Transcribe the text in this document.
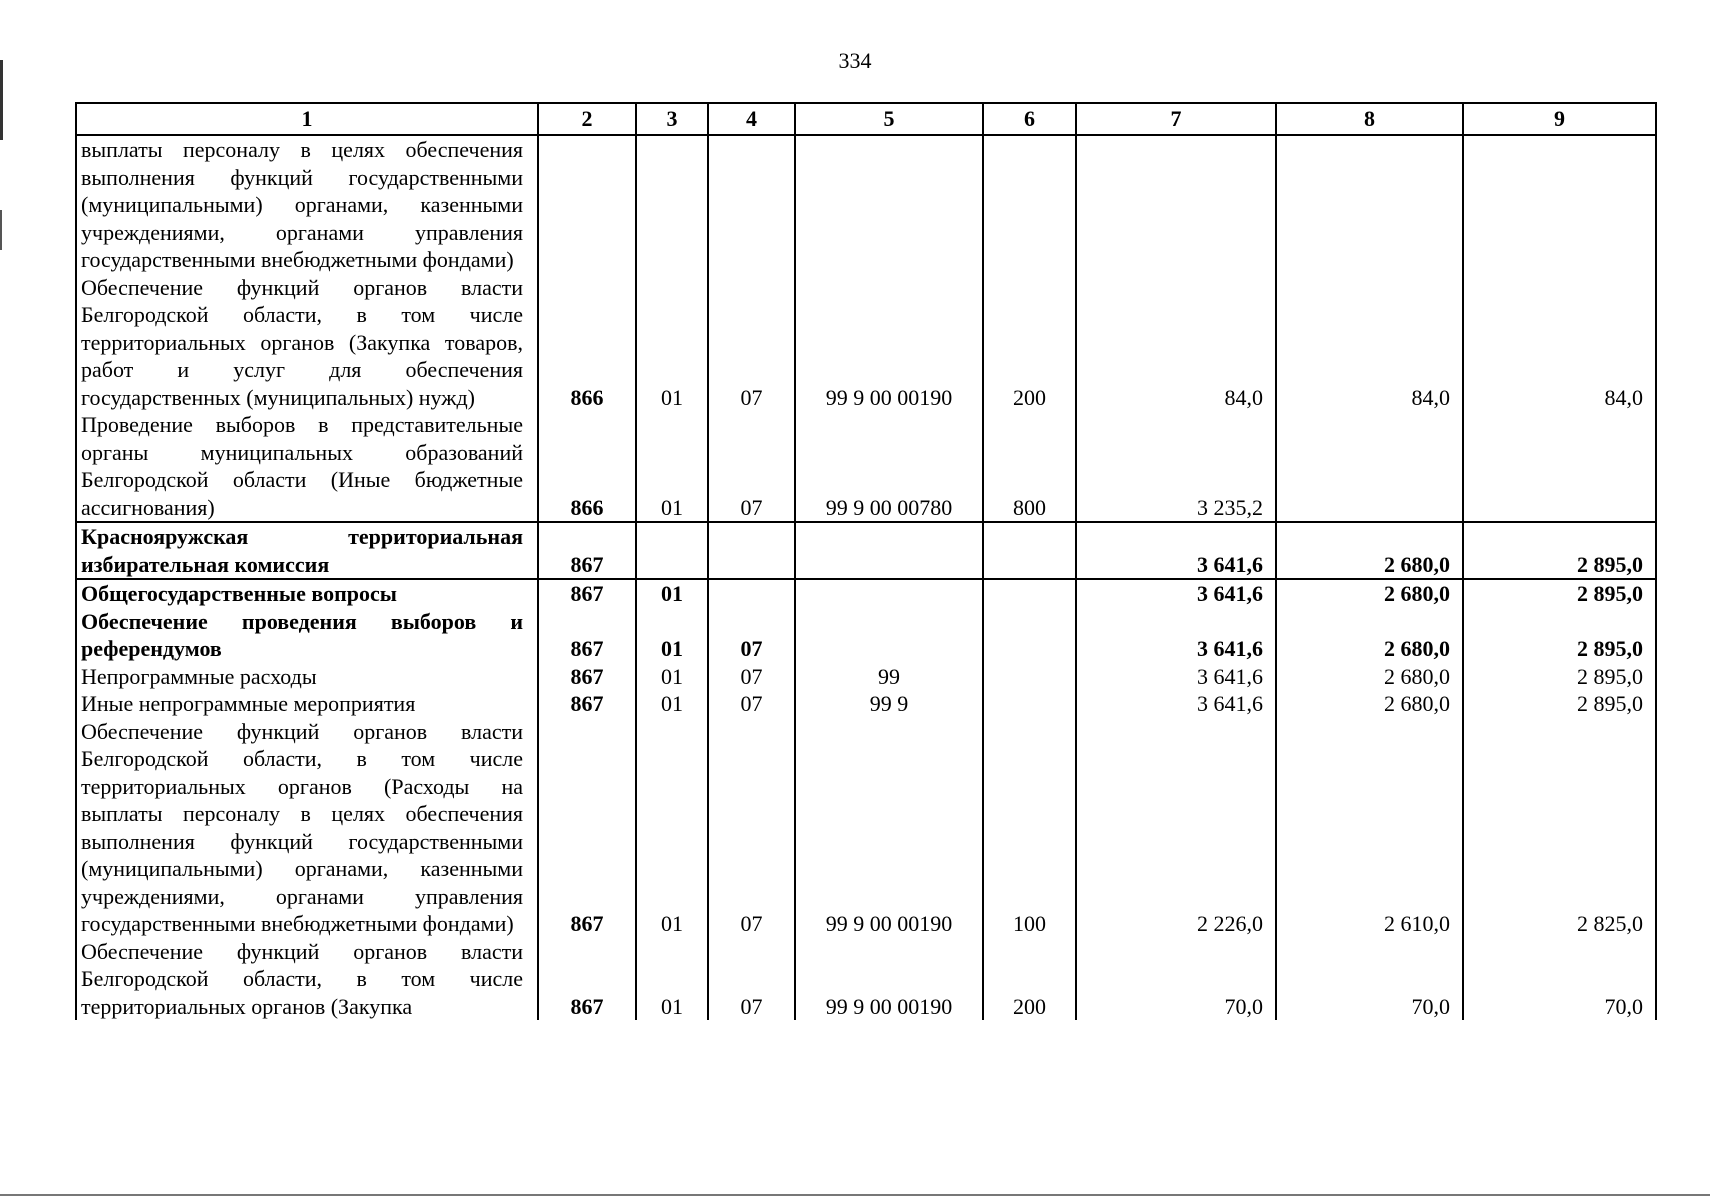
334
1	2	3	4	5	6	7	8	9
выплаты персоналу в целях обеспечения выполнения функций государственными (муниципальными) органами, казенными учреждениями, органами управления государственными внебюджетными фондами)								
Обеспечение функций органов власти Белгородской области, в том числе территориальных органов (Закупка товаров, работ и услуг для обеспечения государственных (муниципальных) нужд)	866	01	07	99 9 00 00190	200	84,0	84,0	84,0
Проведение выборов в представительные органы муниципальных образований Белгородской области (Иные бюджетные ассигнования)	866	01	07	99 9 00 00780	800	3 235,2		
Краснояружская территориальная избирательная комиссия	867					3 641,6	2 680,0	2 895,0
Общегосударственные вопросы	867	01				3 641,6	2 680,0	2 895,0
Обеспечение проведения выборов и референдумов	867	01	07			3 641,6	2 680,0	2 895,0
Непрограммные расходы	867	01	07	99		3 641,6	2 680,0	2 895,0
Иные непрограммные мероприятия	867	01	07	99 9		3 641,6	2 680,0	2 895,0
Обеспечение функций органов власти Белгородской области, в том числе территориальных органов (Расходы на выплаты персоналу в целях обеспечения выполнения функций государственными (муниципальными) органами, казенными учреждениями, органами управления государственными внебюджетными фондами)	867	01	07	99 9 00 00190	100	2 226,0	2 610,0	2 825,0
Обеспечение функций органов власти Белгородской области, в том числе территориальных органов (Закупка	867	01	07	99 9 00 00190	200	70,0	70,0	70,0
